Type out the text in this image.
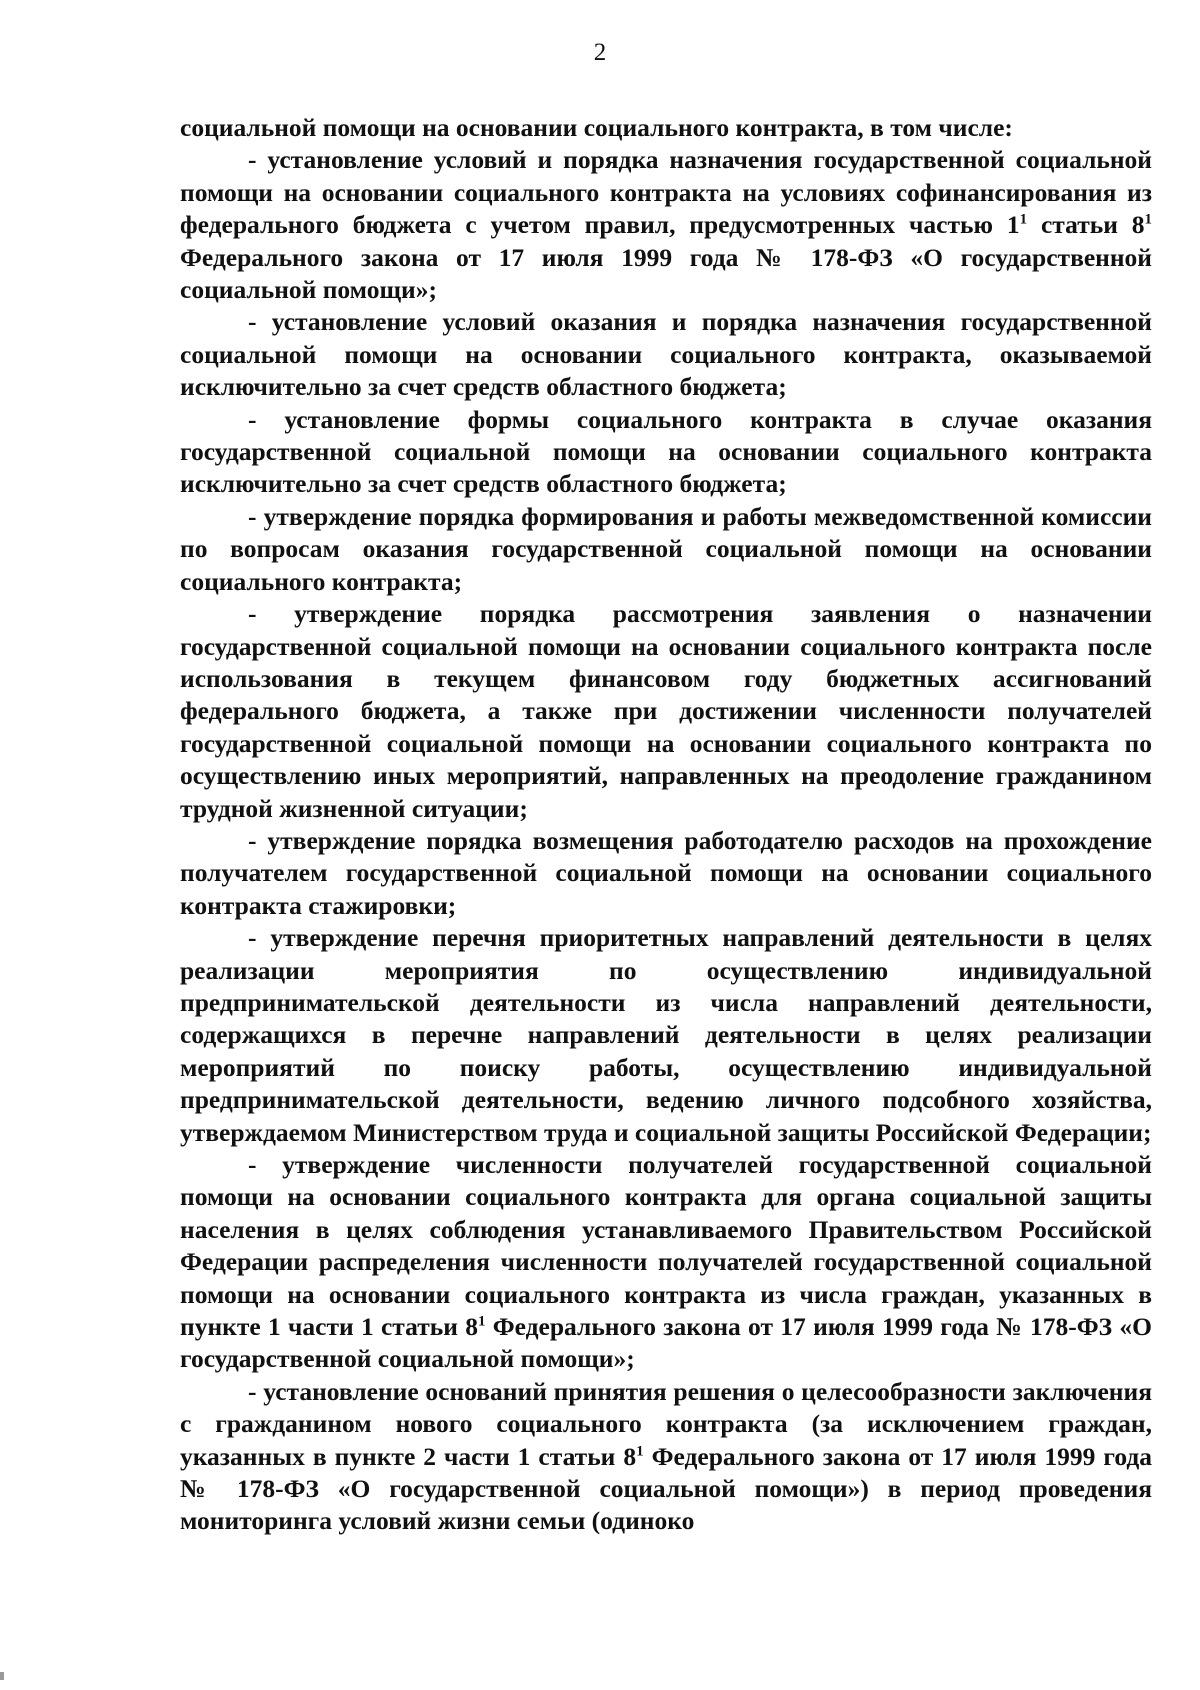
2

социальной помощи на основании социального контракта, в том числе:

- установление условий и порядка назначения государственной социальной помощи на основании социального контракта на условиях софинансирования из федерального бюджета с учетом правил, предусмотренных частью $1^1$ статьи $8^1$ Федерального закона от 17 июля 1999 года № 178-ФЗ «О государственной социальной помощи»;

- установление условий оказания и порядка назначения государственной социальной помощи на основании социального контракта, оказываемой исключительно за счет средств областного бюджета;

- установление формы социального контракта в случае оказания государственной социальной помощи на основании социального контракта исключительно за счет средств областного бюджета;

- утверждение порядка формирования и работы межведомственной комиссии по вопросам оказания государственной социальной помощи на основании социального контракта;

- утверждение порядка рассмотрения заявления о назначении государственной социальной помощи на основании социального контракта после использования в текущем финансовом году бюджетных ассигнований федерального бюджета, а также при достижении численности получателей государственной социальной помощи на основании социального контракта по осуществлению иных мероприятий, направленных на преодоление гражданином трудной жизненной ситуации;

- утверждение порядка возмещения работодателю расходов на прохождение получателем государственной социальной помощи на основании социального контракта стажировки;

- утверждение перечня приоритетных направлений деятельности в целях реализации мероприятия по осуществлению индивидуальной предпринимательской деятельности из числа направлений деятельности, содержащихся в перечне направлений деятельности в целях реализации мероприятий по поиску работы, осуществлению индивидуальной предпринимательской деятельности, ведению личного подсобного хозяйства, утверждаемом Министерством труда и социальной защиты Российской Федерации;

- утверждение численности получателей государственной социальной помощи на основании социального контракта для органа социальной защиты населения в целях соблюдения устанавливаемого Правительством Российской Федерации распределения численности получателей государственной социальной помощи на основании социального контракта из числа граждан, указанных в пункте 1 части 1 статьи $8^1$ Федерального закона от 17 июля 1999 года № 178-ФЗ «О государственной социальной помощи»;

- установление оснований принятия решения о целесообразности заключения с гражданином нового социального контракта (за исключением граждан, указанных в пункте 2 части 1 статьи $8^1$ Федерального закона от 17 июля 1999 года № 178-ФЗ «О государственной социальной помощи») в период проведения мониторинга условий жизни семьи (одиноко
